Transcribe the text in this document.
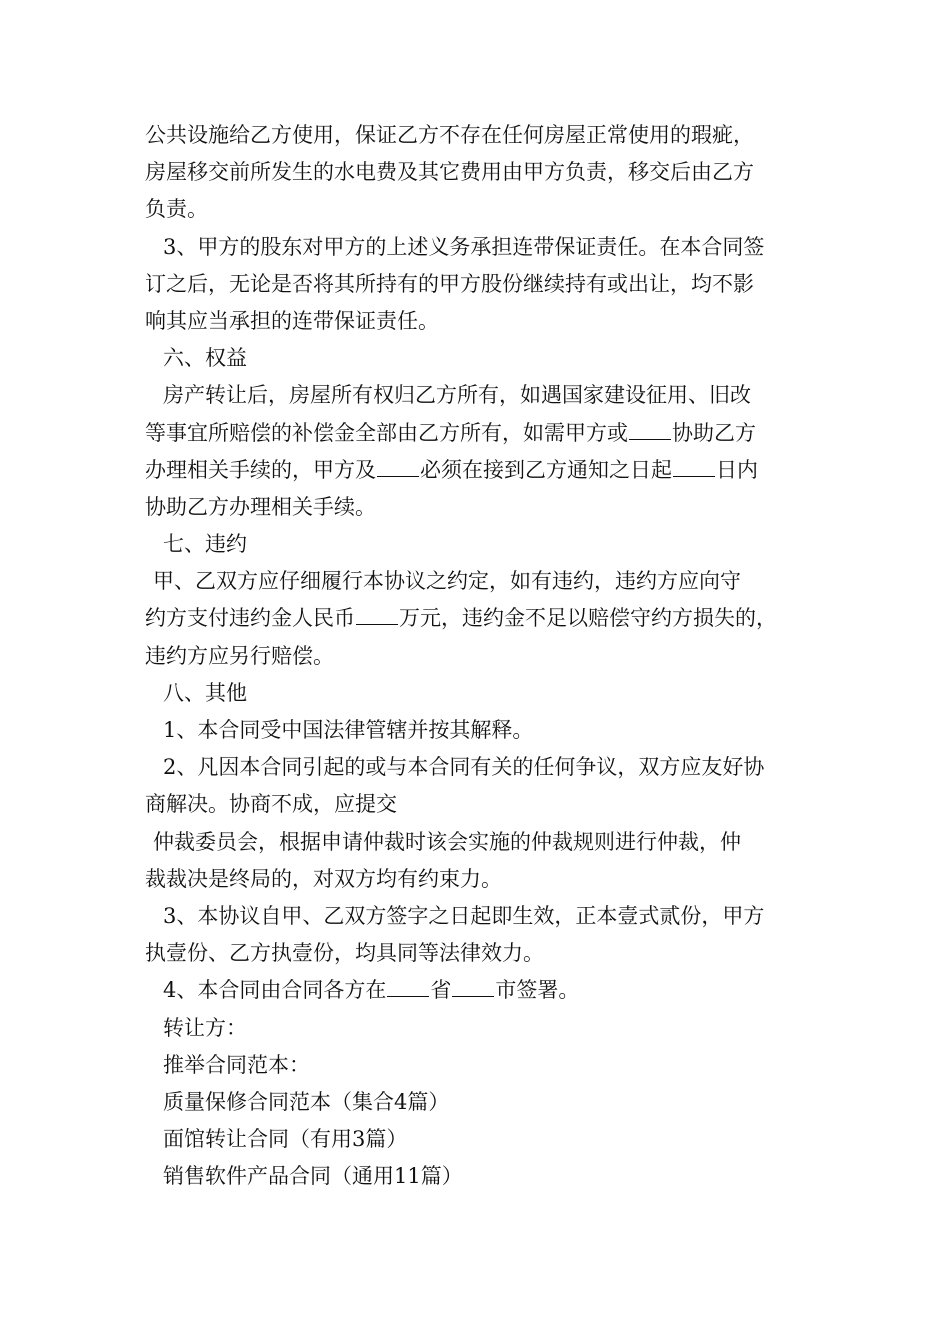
公共设施给乙方使用，保证乙方不存在任何房屋正常使用的瑕疵，
房屋移交前所发生的水电费及其它费用由甲方负责，移交后由乙方
负责。
3、甲方的股东对甲方的上述义务承担连带保证责任。在本合同签
订之后，无论是否将其所持有的甲方股份继续持有或出让，均不影
响其应当承担的连带保证责任。
六、权益
房产转让后，房屋所有权归乙方所有，如遇国家建设征用、旧改
等事宜所赔偿的补偿金全部由乙方所有，如需甲方或 协助乙方
办理相关手续的，甲方及 必须在接到乙方通知之日起 日内
协助乙方办理相关手续。
七、违约
甲、乙双方应仔细履行本协议之约定，如有违约，违约方应向守
约方支付违约金人民币 万元，违约金不足以赔偿守约方损失的，
违约方应另行赔偿。
八、其他
1、本合同受中国法律管辖并按其解释。
2、凡因本合同引起的或与本合同有关的任何争议，双方应友好协
商解决。协商不成，应提交
仲裁委员会，根据申请仲裁时该会实施的仲裁规则进行仲裁，仲
裁裁决是终局的，对双方均有约束力。
3、本协议自甲、乙双方签字之日起即生效，正本壹式贰份，甲方
执壹份、乙方执壹份，均具同等法律效力。
4、本合同由合同各方在 省 市签署。
转让方：
推举合同范本：
质量保修合同范本（集合4篇）
面馆转让合同（有用3篇）
销售软件产品合同（通用11篇）
